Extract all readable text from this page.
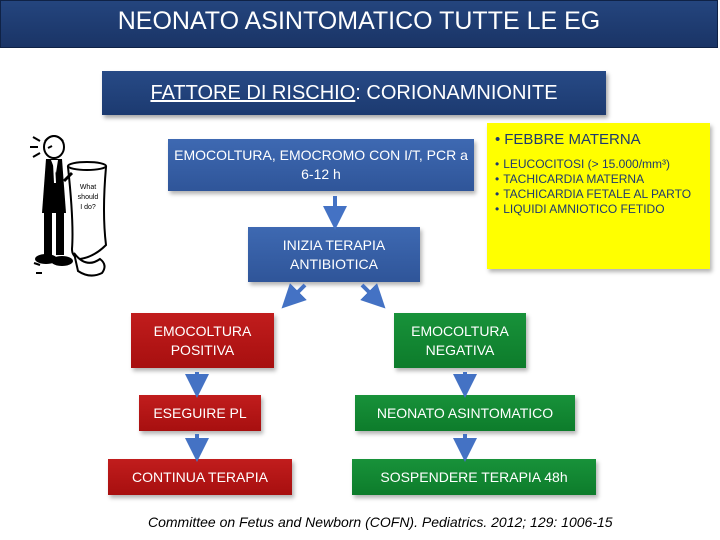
NEONATO ASINTOMATICO TUTTE LE EG
FATTORE DI RISCHIO: CORIONAMNIONITE
What
should
I do?
EMOCOLTURA, EMOCROMO CON I/T, PCR a 6-12 h
INIZIA TERAPIA ANTIBIOTICA
EMOCOLTURA POSITIVA
EMOCOLTURA NEGATIVA
ESEGUIRE PL	NEONATO ASINTOMATICO
CONTINUA TERAPIA	SOSPENDERE TERAPIA 48h
• FEBBRE MATERNA
• LEUCOCITOSI (> 15.000/mm³)
• TACHICARDIA MATERNA
• TACHICARDIA FETALE AL PARTO
• LIQUIDI AMNIOTICO FETIDO
Committee on Fetus and Newborn (COFN). Pediatrics. 2012; 129: 1006-15
